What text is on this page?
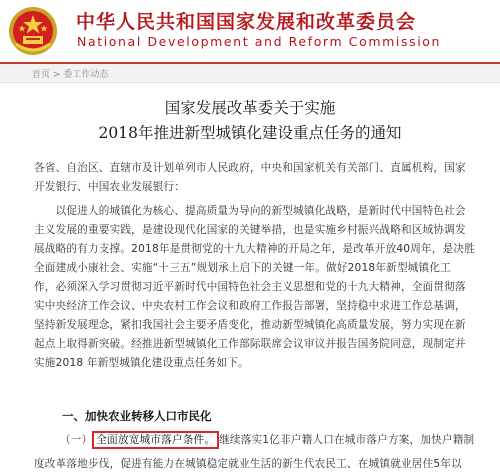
中华人民共和国国家发展和改革委员会
National Development and Reform Commission
首页 > 委工作动态
国家发展改革委关于实施
2018年推进新型城镇化建设重点任务的通知
各省、自治区、直辖市及计划单列市人民政府，中央和国家机关有关部门、直属机构，国家
开发银行、中国农业发展银行：
　　以促进人的城镇化为核心、提高质量为导向的新型城镇化战略，是新时代中国特色社会
主义发展的重要实践，是建设现代化国家的关键举措，也是实施乡村振兴战略和区域协调发
展战略的有力支撑。2018年是贯彻党的十九大精神的开局之年，是改革开放40周年，是决胜
全面建成小康社会、实施“十三五”规划承上启下的关键一年。做好2018年新型城镇化工
作，必须深入学习贯彻习近平新时代中国特色社会主义思想和党的十九大精神，全面贯彻落
实中央经济工作会议、中央农村工作会议和政府工作报告部署，坚持稳中求进工作总基调，
坚持新发展理念，紧扣我国社会主要矛盾变化，推动新型城镇化高质量发展，努力实现在新
起点上取得新突破。经推进新型城镇化工作部际联席会议审议并报告国务院同意，现制定并
实施2018 年新型城镇化建设重点任务如下。
一、加快农业转移人口市民化
（一） 全面放宽城市落户条件。 继续落实1亿非户籍人口在城市落户方案，加快户籍制
度改革落地步伐，促进有能力在城镇稳定就业生活的新生代农民工、在城镇就业居住5年以
